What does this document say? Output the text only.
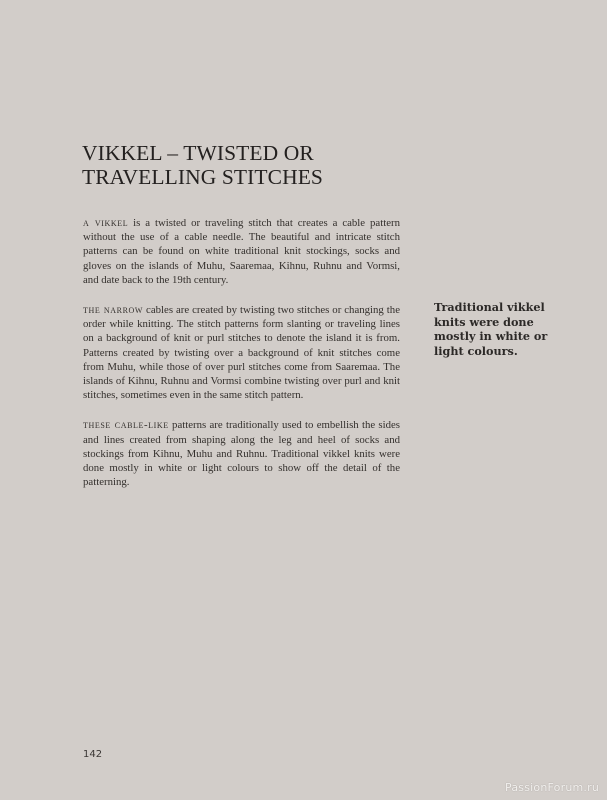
VIKKEL – TWISTED OR
TRAVELLING STITCHES

a vikkel is a twisted or traveling stitch that creates a cable pattern without the use of a cable needle. The beautiful and intricate stitch patterns can be found on white traditional knit stockings, socks and gloves on the islands of Muhu, Saaremaa, Kihnu, Ruhnu and Vormsi, and date back to the 19th century.

the narrow cables are created by twisting two stitches or changing the order while knitting. The stitch patterns form slanting or traveling lines on a background of knit or purl stitches to denote the island it is from. Patterns created by twisting over a background of knit stitches come from Muhu, while those of over purl stitches come from Saaremaa. The islands of Kihnu, Ruhnu and Vormsi combine twisting over purl and knit stitches, sometimes even in the same stitch pattern.

these cable-like patterns are traditionally used to embellish the sides and lines created from shaping along the leg and heel of socks and stockings from Kihnu, Muhu and Ruhnu. Traditional vikkel knits were done mostly in white or light colours to show off the detail of the patterning.

Traditional vikkel knits were done mostly in white or light colours.

142
PassionForum.ru
